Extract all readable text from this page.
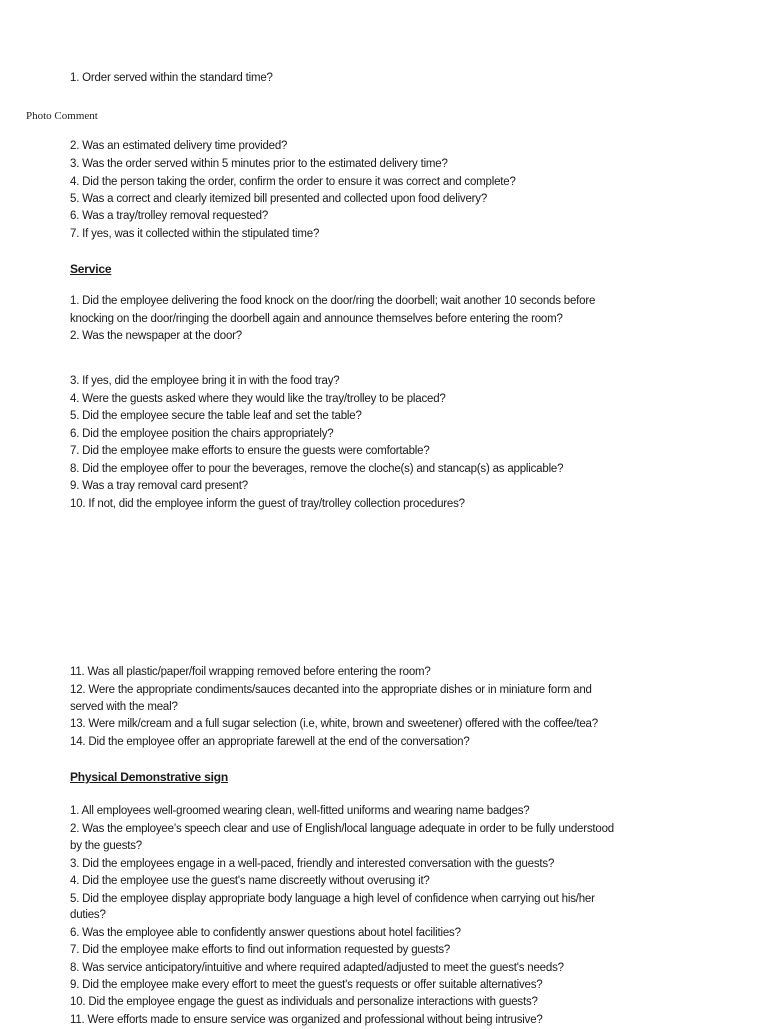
1. Order served within the standard time?
Photo Comment
2. Was an estimated delivery time provided?
3. Was the order served within 5 minutes prior to the estimated delivery time?
4. Did the person taking the order, confirm the order to ensure it was correct and complete?
5. Was a correct and clearly itemized bill presented and collected upon food delivery?
6. Was a tray/trolley removal requested?
7. If yes, was it collected within the stipulated time?
Service
1. Did the employee delivering the food knock on the door/ring the doorbell; wait another 10 seconds before
knocking on the door/ringing the doorbell again and announce themselves before entering the room?
2. Was the newspaper at the door?
3. If yes, did the employee bring it in with the food tray?
4. Were the guests asked where they would like the tray/trolley to be placed?
5. Did the employee secure the table leaf and set the table?
6. Did the employee position the chairs appropriately?
7. Did the employee make efforts to ensure the guests were comfortable?
8. Did the employee offer to pour the beverages, remove the cloche(s) and stancap(s) as applicable?
9. Was a tray removal card present?
10. If not, did the employee inform the guest of tray/trolley collection procedures?
11. Was all plastic/paper/foil wrapping removed before entering the room?
12. Were the appropriate condiments/sauces decanted into the appropriate dishes or in miniature form and
served with the meal?
13. Were milk/cream and a full sugar selection (i.e, white, brown and sweetener) offered with the coffee/tea?
14. Did the employee offer an appropriate farewell at the end of the conversation?
Physical Demonstrative sign
1. All employees well-groomed wearing clean, well-fitted uniforms and wearing name badges?
2. Was the employee’s speech clear and use of English/local language adequate in order to be fully understood
by the guests?
3. Did the employees engage in a well-paced, friendly and interested conversation with the guests?
4. Did the employee use the guest's name discreetly without overusing it?
5. Did the employee display appropriate body language a high level of confidence when carrying out his/her
duties?
6. Was the employee able to confidently answer questions about hotel facilities?
7. Did the employee make efforts to find out information requested by guests?
8. Was service anticipatory/intuitive and where required adapted/adjusted to meet the guest's needs?
9. Did the employee make every effort to meet the guest's requests or offer suitable alternatives?
10. Did the employee engage the guest as individuals and personalize interactions with guests?
11. Were efforts made to ensure service was organized and professional without being intrusive?
